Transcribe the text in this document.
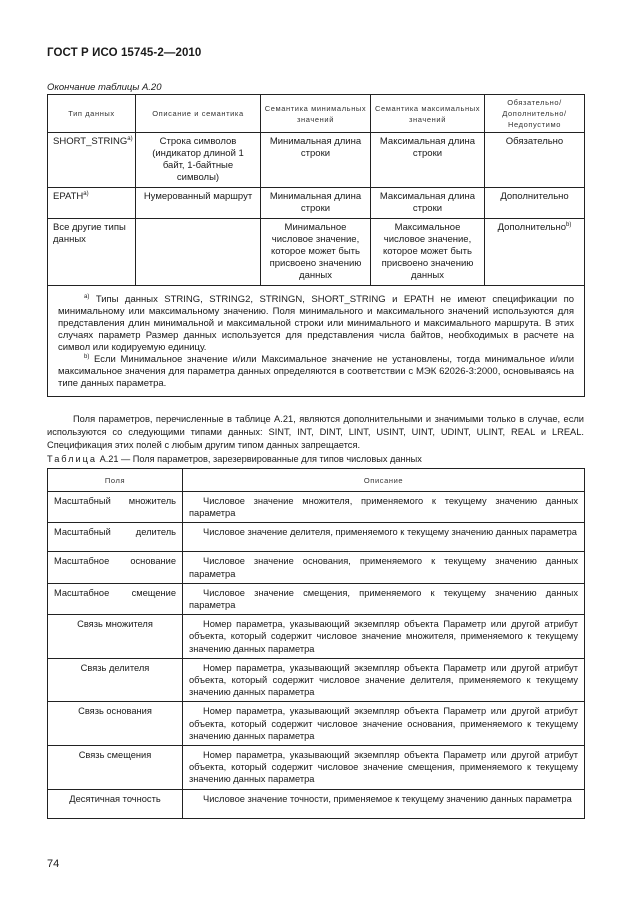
ГОСТ Р ИСО 15745-2—2010
Окончание таблицы А.20
Тип данных	Описание и семантика	Семантика минимальных значений	Семантика максимальных значений	Обязательно/ Дополнительно/ Недопустимо
SHORT_STRING$^{a)}$	Строка символов (индикатор длиной 1 байт, 1-байтные символы)	Минимальная длина строки	Максимальная длина строки	Обязательно
EPATH$^{a)}$	Нумерованный маршрут	Минимальная длина строки	Максимальная длина строки	Дополнительно
Все другие типы данных		Минимальное числовое значение, которое может быть присвоено значению данных	Максимальное числовое значение, которое может быть присвоено значению данных	Дополнительно$^{b)}$

$^{a)}$ Типы данных STRING, STRING2, STRINGN, SHORT_STRING и EPATH не имеют спецификации по минимальному или максимальному значению. Поля минимального и максимального значений используются для представления длин минимальной и максимальной строки или минимального и максимального маршрута. В этих случаях параметр Размер данных используется для представления числа байтов, необходимых в расчете на символ или кодируемую единицу.

$^{b)}$ Если Минимальное значение и/или Максимальное значение не установлены, тогда минимальное и/или максимальное значения для параметра данных определяются в соответствии с МЭК 62026-3:2000, основываясь на типе данных параметра.				

Поля параметров, перечисленные в таблице А.21, являются дополнительными и значимыми только в случае, если используются со следующими типами данных: SINT, INT, DINT, LINT, USINT, UINT, UDINT, ULINT, REAL и LREAL. Спецификация этих полей с любым другим типом данных запрещается.

Таблица А.21 — Поля параметров, зарезервированные для типов числовых данных
Поля	Описание
Масштабный множитель	Числовое значение множителя, применяемого к текущему значению данных параметра
Масштабный делитель	Числовое значение делителя, применяемого к текущему значению данных параметра
Масштабное основание	Числовое значение основания, применяемого к текущему значению данных параметра
Масштабное смещение	Числовое значение смещения, применяемого к текущему значению данных параметра
Связь множителя	Номер параметра, указывающий экземпляр объекта Параметр или другой атрибут объекта, который содержит числовое значение множителя, применяемого к текущему значению данных параметра
Связь делителя	Номер параметра, указывающий экземпляр объекта Параметр или другой атрибут объекта, который содержит числовое значение делителя, применяемого к текущему значению данных параметра
Связь основания	Номер параметра, указывающий экземпляр объекта Параметр или другой атрибут объекта, который содержит числовое значение основания, применяемого к текущему значению данных параметра
Связь смещения	Номер параметра, указывающий экземпляр объекта Параметр или другой атрибут объекта, который содержит числовое значение смещения, применяемого к текущему значению данных параметра
Десятичная точность	Числовое значение точности, применяемое к текущему значению данных параметра
74
